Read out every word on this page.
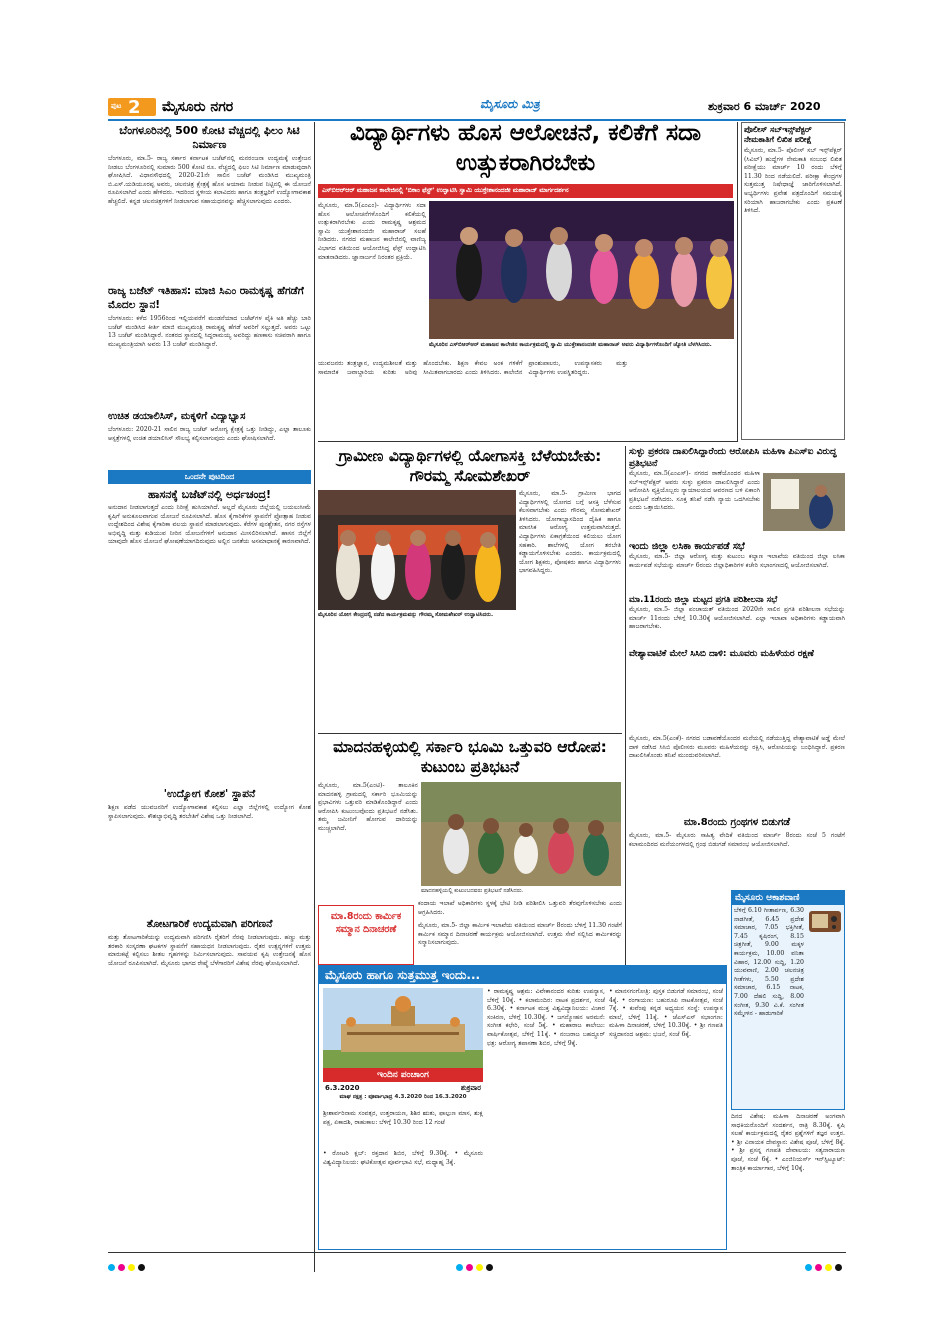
ಪುಟ 2 ಮೈಸೂರು ನಗರ	ಮೈಸೂರು ಮಿತ್ರ	ಶುಕ್ರವಾರ 6 ಮಾರ್ಚ್ 2020
ಬೆಂಗಳೂರಿನಲ್ಲಿ 500 ಕೋಟಿ ವೆಚ್ಚದಲ್ಲಿ ಫಿಲಂ ಸಿಟಿ ನಿರ್ಮಾಣ
ಬೆಂಗಳೂರು, ಮಾ.5- ರಾಜ್ಯ ಸರ್ಕಾರ ಕರ್ನಾಟಕ ಬಜೆಟ್‌ನಲ್ಲಿ ಮನರಂಜನಾ ಉದ್ಯಮಕ್ಕೆ ಉತ್ತೇಜನ ನೀಡಲು ಬೆಂಗಳೂರಿನಲ್ಲಿ ಸುಮಾರು 500 ಕೋಟಿ ರೂ. ವೆಚ್ಚದಲ್ಲಿ ಫಿಲಂ ಸಿಟಿ ನಿರ್ಮಾಣ ಮಾಡುವುದಾಗಿ ಘೋಷಿಸಿದೆ. ವಿಧಾನಸೌಧದಲ್ಲಿ 2020-21ನೇ ಸಾಲಿನ ಬಜೆಟ್ ಮಂಡಿಸಿದ ಮುಖ್ಯಮಂತ್ರಿ ಬಿ.ಎಸ್.ಯಡಿಯೂರಪ್ಪ ಅವರು, ಚಲನಚಿತ್ರ ಕ್ಷೇತ್ರಕ್ಕೆ ಹೊಸ ಆಯಾಮ ನೀಡುವ ನಿಟ್ಟಿನಲ್ಲಿ ಈ ಯೋಜನೆ ರೂಪಿಸಲಾಗಿದೆ ಎಂದು ಹೇಳಿದರು. ಇದರಿಂದ ಸ್ಥಳೀಯ ಕಲಾವಿದರು ಹಾಗೂ ತಂತ್ರಜ್ಞರಿಗೆ ಉದ್ಯೋಗಾವಕಾಶ ಹೆಚ್ಚಲಿದೆ. ಕನ್ನಡ ಚಲನಚಿತ್ರಗಳಿಗೆ ನೀಡಲಾಗುವ ಸಹಾಯಧನವನ್ನು ಹೆಚ್ಚಿಸಲಾಗುವುದು ಎಂದರು.
ರಾಜ್ಯ ಬಜೆಟ್ ಇತಿಹಾಸ: ಮಾಜಿ ಸಿಎಂ ರಾಮಕೃಷ್ಣ ಹೆಗಡೆಗೆ ಮೊದಲ ಸ್ಥಾನ!
ಬೆಂಗಳೂರು: ಕಳೆದ 1956ರಿಂದ ಇಲ್ಲಿಯವರೆಗೆ ಮಂಡನೆಯಾದ ಬಜೆಟ್‌ಗಳ ಪೈಕಿ ಅತಿ ಹೆಚ್ಚು ಬಾರಿ ಬಜೆಟ್ ಮಂಡಿಸಿದ ಕೀರ್ತಿ ಮಾಜಿ ಮುಖ್ಯಮಂತ್ರಿ ರಾಮಕೃಷ್ಣ ಹೆಗಡೆ ಅವರಿಗೆ ಸಲ್ಲುತ್ತದೆ. ಅವರು ಒಟ್ಟು 13 ಬಜೆಟ್ ಮಂಡಿಸಿದ್ದಾರೆ. ನಂತರದ ಸ್ಥಾನದಲ್ಲಿ ಸಿದ್ದರಾಮಯ್ಯ ಅವರಿದ್ದು ಹಣಕಾಸು ಸಚಿವರಾಗಿ ಹಾಗೂ ಮುಖ್ಯಮಂತ್ರಿಯಾಗಿ ಅವರು 13 ಬಜೆಟ್ ಮಂಡಿಸಿದ್ದಾರೆ.
ಉಚಿತ ಡಯಾಲಿಸಿಸ್, ಮಕ್ಕಳಿಗೆ ವಿದ್ಯಾಭ್ಯಾಸ
ಬೆಂಗಳೂರು: 2020-21 ಸಾಲಿನ ರಾಜ್ಯ ಬಜೆಟ್ ಆರೋಗ್ಯ ಕ್ಷೇತ್ರಕ್ಕೆ ಒತ್ತು ನೀಡಿದ್ದು, ಎಲ್ಲಾ ತಾಲೂಕು ಆಸ್ಪತ್ರೆಗಳಲ್ಲಿ ಉಚಿತ ಡಯಾಲಿಸಿಸ್ ಸೌಲಭ್ಯ ಕಲ್ಪಿಸಲಾಗುವುದು ಎಂದು ಘೋಷಿಸಲಾಗಿದೆ.
ಒಂದನೇ ಪುಟದಿಂದ
ಹಾಸನಕ್ಕೆ ಬಜೆಟ್‌ನಲ್ಲಿ ಅರ್ಧಚಂದ್ರ!
ಅನುದಾನ ನೀಡಲಾಗುತ್ತದೆ ಎಂದು ನಿರೀಕ್ಷೆ ಹುಸಿಯಾಗಿದೆ. ಅಲ್ಲದೆ ಮೈಸೂರು ಜಿಲ್ಲೆಯಲ್ಲಿ ಬಯಲುಸೀಮೆ ಕೃಷಿಗೆ ಅನುಕೂಲವಾಗುವ ಯೋಜನೆ ರೂಪಿಸಲಾಗಿದೆ. ಹೊಸ ಕೈಗಾರಿಕೆಗಳ ಸ್ಥಾಪನೆಗೆ ಪ್ರೋತ್ಸಾಹ ನೀಡುವ ಉದ್ದೇಶದಿಂದ ವಿಶೇಷ ಕೈಗಾರಿಕಾ ವಲಯ ಸ್ಥಾಪನೆ ಮಾಡಲಾಗುವುದು. ಕೆರೆಗಳ ಪುನಶ್ಚೇತನ, ನಗರ ರಸ್ತೆಗಳ ಅಭಿವೃದ್ಧಿ ಮತ್ತು ಕುಡಿಯುವ ನೀರಿನ ಯೋಜನೆಗಳಿಗೆ ಅನುದಾನ ಮೀಸಲಿರಿಸಲಾಗಿದೆ. ಹಾಸನ ಜಿಲ್ಲೆಗೆ ಯಾವುದೇ ಹೊಸ ಯೋಜನೆ ಘೋಷಣೆಯಾಗದಿರುವುದು ಅಲ್ಲಿನ ಜನತೆಯ ಅಸಮಾಧಾನಕ್ಕೆ ಕಾರಣವಾಗಿದೆ.
'ಉದ್ಯೋಗ ಕೋಶ' ಸ್ಥಾಪನೆ
ಶಿಕ್ಷಣ ಪಡೆದ ಯುವಜನರಿಗೆ ಉದ್ಯೋಗಾವಕಾಶ ಕಲ್ಪಿಸಲು ಎಲ್ಲಾ ಜಿಲ್ಲೆಗಳಲ್ಲಿ ಉದ್ಯೋಗ ಕೋಶ ಸ್ಥಾಪಿಸಲಾಗುವುದು. ಕೌಶಲ್ಯಾಭಿವೃದ್ಧಿ ತರಬೇತಿಗೆ ವಿಶೇಷ ಒತ್ತು ನೀಡಲಾಗಿದೆ.
ತೋಟಗಾರಿಕೆ ಉದ್ಯಮವಾಗಿ ಪರಿಗಣನೆ
ಮತ್ತು ತೋಟಗಾರಿಕೆಯನ್ನು ಉದ್ಯಮವಾಗಿ ಪರಿಗಣಿಸಿ ರೈತರಿಗೆ ನೆರವು ನೀಡಲಾಗುವುದು. ಹಣ್ಣು ಮತ್ತು ತರಕಾರಿ ಸಂಸ್ಕರಣಾ ಘಟಕಗಳ ಸ್ಥಾಪನೆಗೆ ಸಹಾಯಧನ ನೀಡಲಾಗುವುದು. ರೈತರ ಉತ್ಪನ್ನಗಳಿಗೆ ಉತ್ತಮ ಮಾರುಕಟ್ಟೆ ಕಲ್ಪಿಸಲು ಶೀತಲ ಗೃಹಗಳನ್ನು ನಿರ್ಮಿಸಲಾಗುವುದು. ಸಾವಯವ ಕೃಷಿ ಉತ್ತೇಜನಕ್ಕೆ ಹೊಸ ಯೋಜನೆ ರೂಪಿಸಲಾಗಿದೆ. ಮೈಸೂರು ಭಾಗದ ರೇಷ್ಮೆ ಬೆಳೆಗಾರರಿಗೆ ವಿಶೇಷ ನೆರವು ಘೋಷಿಸಲಾಗಿದೆ.
ವಿದ್ಯಾರ್ಥಿಗಳು ಹೊಸ ಆಲೋಚನೆ, ಕಲಿಕೆಗೆ ಸದಾ ಉತ್ಸುಕರಾಗಿರಬೇಕು
ಎಸ್‌ಬಿಆರ್‌ಆರ್ ಮಹಾಜನ ಕಾಲೇಜಿನಲ್ಲಿ ‘ಬಿಕಾಂ ಫೆಸ್ಟ್’ ಉದ್ಘಾಟಿಸಿ ಸ್ವಾಮಿ ಯುಕ್ತೇಶಾನಂದಜೀ ಮಹಾರಾಜ್ ಮಾರ್ಗದರ್ಶನ
ಮೈಸೂರು, ಮಾ.5(ಎಂಎಂ)- ವಿದ್ಯಾರ್ಥಿಗಳು ಸದಾ ಹೊಸ ಆಲೋಚನೆಗಳೊಂದಿಗೆ ಕಲಿಕೆಯಲ್ಲಿ ಉತ್ಸುಕರಾಗಿರಬೇಕು ಎಂದು ರಾಮಕೃಷ್ಣ ಆಶ್ರಮದ ಸ್ವಾಮಿ ಯುಕ್ತೇಶಾನಂದಜೀ ಮಹಾರಾಜ್ ಸಲಹೆ ನೀಡಿದರು. ನಗರದ ಮಹಾಜನ ಕಾಲೇಜಿನಲ್ಲಿ ವಾಣಿಜ್ಯ ವಿಭಾಗದ ವತಿಯಿಂದ ಆಯೋಜಿಸಿದ್ದ ಫೆಸ್ಟ್ ಉದ್ಘಾಟಿಸಿ ಮಾತನಾಡಿದರು. ಜ್ಞಾನಾರ್ಜನೆ ನಿರಂತರ ಪ್ರಕ್ರಿಯೆ.
ಮೈಸೂರಿನ ಎಸ್‌ಬಿಆರ್‌ಆರ್ ಮಹಾಜನ ಕಾಲೇಜಿನ ಕಾರ್ಯಕ್ರಮದಲ್ಲಿ ಸ್ವಾಮಿ ಯುಕ್ತೇಶಾನಂದಜೀ ಮಹಾರಾಜ್ ಅವರು ವಿದ್ಯಾರ್ಥಿಗಳೊಂದಿಗೆ ಜ್ಯೋತಿ ಬೆಳಗಿಸಿದರು.
ಯುವಜನರು ತಂತ್ರಜ್ಞಾನ, ಉದ್ಯಮಶೀಲತೆ ಮತ್ತು ಸಾಮಾಜಿಕ ಜವಾಬ್ದಾರಿಯ ಕುರಿತು ಅರಿವು ಹೊಂದಬೇಕು. ಶಿಕ್ಷಣ ಕೇವಲ ಅಂಕ ಗಳಿಕೆಗೆ ಸೀಮಿತವಾಗಬಾರದು ಎಂದು ತಿಳಿಸಿದರು. ಕಾಲೇಜಿನ ಪ್ರಾಂಶುಪಾಲರು, ಉಪನ್ಯಾಸಕರು ಮತ್ತು ವಿದ್ಯಾರ್ಥಿಗಳು ಉಪಸ್ಥಿತರಿದ್ದರು.
ಪೊಲೀಸ್ ಸಬ್‌ಇನ್ಸ್‌ಪೆಕ್ಟರ್ ನೇಮಕಾತಿಗೆ ಲಿಖಿತ ಪರೀಕ್ಷೆ
ಮೈಸೂರು, ಮಾ.5- ಪೊಲೀಸ್ ಸಬ್ ಇನ್ಸ್‌ಪೆಕ್ಟರ್ (ಸಿವಿಲ್) ಹುದ್ದೆಗಳ ನೇಮಕಾತಿ ಸಂಬಂಧ ಲಿಖಿತ ಪರೀಕ್ಷೆಯು ಮಾರ್ಚ್ 10 ರಂದು ಬೆಳಿಗ್ಗೆ 11.30 ರಿಂದ ನಡೆಯಲಿದೆ. ಪರೀಕ್ಷಾ ಕೇಂದ್ರಗಳ ಸುತ್ತಮುತ್ತ ನಿಷೇಧಾಜ್ಞೆ ಜಾರಿಗೊಳಿಸಲಾಗಿದೆ. ಅಭ್ಯರ್ಥಿಗಳು ಪ್ರವೇಶ ಪತ್ರದೊಂದಿಗೆ ಸಮಯಕ್ಕೆ ಸರಿಯಾಗಿ ಹಾಜರಾಗಬೇಕು ಎಂದು ಪ್ರಕಟಣೆ ತಿಳಿಸಿದೆ.
ಗ್ರಾಮೀಣ ವಿದ್ಯಾರ್ಥಿಗಳಲ್ಲಿ ಯೋಗಾಸಕ್ತಿ ಬೆಳೆಯಬೇಕು: ಗೌರಮ್ಮ ಸೋಮಶೇಖರ್
ಮೈಸೂರಿನ ಯೋಗ ಕೇಂದ್ರದಲ್ಲಿ ನಡೆದ ಕಾರ್ಯಕ್ರಮವನ್ನು ಗೌರಮ್ಮ ಸೋಮಶೇಖರ್ ಉದ್ಘಾಟಿಸಿದರು.
ಮೈಸೂರು, ಮಾ.5- ಗ್ರಾಮೀಣ ಭಾಗದ ವಿದ್ಯಾರ್ಥಿಗಳಲ್ಲಿ ಯೋಗದ ಬಗ್ಗೆ ಆಸಕ್ತಿ ಬೆಳೆಸುವ ಕೆಲಸವಾಗಬೇಕು ಎಂದು ಗೌರಮ್ಮ ಸೋಮಶೇಖರ್ ತಿಳಿಸಿದರು. ಯೋಗಾಭ್ಯಾಸದಿಂದ ದೈಹಿಕ ಹಾಗೂ ಮಾನಸಿಕ ಆರೋಗ್ಯ ಉತ್ತಮವಾಗಿರುತ್ತದೆ. ವಿದ್ಯಾರ್ಥಿಗಳು ಏಕಾಗ್ರತೆಯಿಂದ ಕಲಿಯಲು ಯೋಗ ಸಹಕಾರಿ. ಶಾಲೆಗಳಲ್ಲಿ ಯೋಗ ತರಬೇತಿ ಕಡ್ಡಾಯಗೊಳಿಸಬೇಕು ಎಂದರು. ಕಾರ್ಯಕ್ರಮದಲ್ಲಿ ಯೋಗ ಶಿಕ್ಷಕರು, ಪೋಷಕರು ಹಾಗೂ ವಿದ್ಯಾರ್ಥಿಗಳು ಭಾಗವಹಿಸಿದ್ದರು.
ಸುಳ್ಳು ಪ್ರಕರಣ ದಾಖಲಿಸಿದ್ದಾರೆಂದು ಆರೋಪಿಸಿ ಮಹಿಳಾ ಪಿಎಸ್‌ಐ ವಿರುದ್ಧ ಪ್ರತಿಭಟನೆ
ಮೈಸೂರು, ಮಾ.5(ಎಂಎಸ್)- ನಗರದ ಠಾಣೆಯೊಂದರ ಮಹಿಳಾ ಸಬ್‌ಇನ್ಸ್‌ಪೆಕ್ಟರ್ ಅವರು ಸುಳ್ಳು ಪ್ರಕರಣ ದಾಖಲಿಸಿದ್ದಾರೆ ಎಂದು ಆರೋಪಿಸಿ ವ್ಯಕ್ತಿಯೊಬ್ಬರು ನ್ಯಾಯಾಲಯದ ಆವರಣದ ಬಳಿ ಏಕಾಂಗಿ ಪ್ರತಿಭಟನೆ ನಡೆಸಿದರು. ಸೂಕ್ತ ತನಿಖೆ ನಡೆಸಿ ನ್ಯಾಯ ಒದಗಿಸಬೇಕು ಎಂದು ಒತ್ತಾಯಿಸಿದರು.
ಇಂದು ಜಿಲ್ಲಾ ಲಸಿಕಾ ಕಾರ್ಯಪಡೆ ಸಭೆ
ಮೈಸೂರು, ಮಾ.5- ಜಿಲ್ಲಾ ಆರೋಗ್ಯ ಮತ್ತು ಕುಟುಂಬ ಕಲ್ಯಾಣ ಇಲಾಖೆಯ ವತಿಯಿಂದ ಜಿಲ್ಲಾ ಲಸಿಕಾ ಕಾರ್ಯಪಡೆ ಸಭೆಯನ್ನು ಮಾರ್ಚ್ 6ರಂದು ಜಿಲ್ಲಾಧಿಕಾರಿಗಳ ಕಚೇರಿ ಸಭಾಂಗಣದಲ್ಲಿ ಆಯೋಜಿಸಲಾಗಿದೆ.
ಮಾ.11ರಂದು ಜಿಲ್ಲಾ ಮಟ್ಟದ ಪ್ರಗತಿ ಪರಿಶೀಲನಾ ಸಭೆ
ಮೈಸೂರು, ಮಾ.5- ಜಿಲ್ಲಾ ಪಂಚಾಯತ್ ವತಿಯಿಂದ 2020ನೇ ಸಾಲಿನ ಪ್ರಗತಿ ಪರಿಶೀಲನಾ ಸಭೆಯನ್ನು ಮಾರ್ಚ್ 11ರಂದು ಬೆಳಿಗ್ಗೆ 10.30ಕ್ಕೆ ಆಯೋಜಿಸಲಾಗಿದೆ. ಎಲ್ಲಾ ಇಲಾಖಾ ಅಧಿಕಾರಿಗಳು ಕಡ್ಡಾಯವಾಗಿ ಹಾಜರಾಗಬೇಕು.
ವೇಶ್ಯಾವಾಟಿಕೆ ಮೇಲೆ ಸಿಸಿಬಿ ದಾಳಿ: ಮೂವರು ಮಹಿಳೆಯರ ರಕ್ಷಣೆ
ಮೈಸೂರು, ಮಾ.5(ಎಂಕೆ)- ನಗರದ ಬಡಾವಣೆಯೊಂದರ ಮನೆಯಲ್ಲಿ ನಡೆಯುತ್ತಿದ್ದ ವೇಶ್ಯಾವಾಟಿಕೆ ಅಡ್ಡೆ ಮೇಲೆ ದಾಳಿ ನಡೆಸಿದ ಸಿಸಿಬಿ ಪೊಲೀಸರು ಮೂವರು ಮಹಿಳೆಯರನ್ನು ರಕ್ಷಿಸಿ, ಆರೋಪಿಯನ್ನು ಬಂಧಿಸಿದ್ದಾರೆ. ಪ್ರಕರಣ ದಾಖಲಿಸಿಕೊಂಡು ತನಿಖೆ ಮುಂದುವರಿಸಲಾಗಿದೆ.
ಮಾ.8ರಂದು ಗ್ರಂಥಗಳ ಬಿಡುಗಡೆ
ಮೈಸೂರು, ಮಾ.5- ಮೈಸೂರು ಸಾಹಿತ್ಯ ವೇದಿಕೆ ವತಿಯಿಂದ ಮಾರ್ಚ್ 8ರಂದು ಸಂಜೆ 5 ಗಂಟೆಗೆ ಕಲಾಮಂದಿರದ ಮನೆಯಂಗಳದಲ್ಲಿ ಗ್ರಂಥ ಬಿಡುಗಡೆ ಸಮಾರಂಭ ಆಯೋಜಿಸಲಾಗಿದೆ.
ಮಾದನಹಳ್ಳಿಯಲ್ಲಿ ಸರ್ಕಾರಿ ಭೂಮಿ ಒತ್ತುವರಿ ಆರೋಪ: ಕುಟುಂಬ ಪ್ರತಿಭಟನೆ
ಮೈಸೂರು, ಮಾ.5(ಎಂಟಿ)- ತಾಲೂಕಿನ ಮಾದನಹಳ್ಳಿ ಗ್ರಾಮದಲ್ಲಿ ಸರ್ಕಾರಿ ಭೂಮಿಯನ್ನು ಪ್ರಭಾವಿಗಳು ಒತ್ತುವರಿ ಮಾಡಿಕೊಂಡಿದ್ದಾರೆ ಎಂದು ಆರೋಪಿಸಿ ಕುಟುಂಬವೊಂದು ಪ್ರತಿಭಟನೆ ನಡೆಸಿತು. ತಮ್ಮ ಜಮೀನಿಗೆ ಹೋಗುವ ದಾರಿಯನ್ನು ಮುಚ್ಚಲಾಗಿದೆ.
ಮಾದನಹಳ್ಳಿಯಲ್ಲಿ ಕುಟುಂಬದವರು ಪ್ರತಿಭಟನೆ ನಡೆಸಿದರು.
ಮಾ.8ರಂದು ಕಾರ್ಮಿಕ ಸಮ್ಮಾನ ದಿನಾಚರಣೆ
ಕಂದಾಯ ಇಲಾಖೆ ಅಧಿಕಾರಿಗಳು ಸ್ಥಳಕ್ಕೆ ಭೇಟಿ ನೀಡಿ ಪರಿಶೀಲಿಸಿ ಒತ್ತುವರಿ ತೆರವುಗೊಳಿಸಬೇಕು ಎಂದು ಆಗ್ರಹಿಸಿದರು.
ಮೈಸೂರು, ಮಾ.5- ಜಿಲ್ಲಾ ಕಾರ್ಮಿಕ ಇಲಾಖೆಯ ವತಿಯಿಂದ ಮಾರ್ಚ್ 8ರಂದು ಬೆಳಿಗ್ಗೆ 11.30 ಗಂಟೆಗೆ ಕಾರ್ಮಿಕ ಸಮ್ಮಾನ ದಿನಾಚರಣೆ ಕಾರ್ಯಕ್ರಮ ಆಯೋಜಿಸಲಾಗಿದೆ. ಉತ್ತಮ ಸೇವೆ ಸಲ್ಲಿಸಿದ ಕಾರ್ಮಿಕರನ್ನು ಸನ್ಮಾನಿಸಲಾಗುವುದು.
ಮೈಸೂರು ಹಾಗೂ ಸುತ್ತಮುತ್ತ ಇಂದು...
ಇಂದಿನ ಪಂಚಾಂಗ
6.3.2020	ಶುಕ್ರವಾರ
ಮಾಘ ನಕ್ಷತ್ರ : ಪೂರ್ವಾಭಾದ್ರ 4.3.2020 ರಿಂದ 16.3.2020
ಶ್ರೀಶಾರ್ವರಿನಾಮ ಸಂವತ್ಸರ, ಉತ್ತರಾಯಣ, ಶಿಶಿರ ಋತು, ಫಾಲ್ಗುಣ ಮಾಸ, ಶುಕ್ಲ ಪಕ್ಷ, ಏಕಾದಶಿ, ರಾಹುಕಾಲ: ಬೆಳಿಗ್ಗೆ 10.30 ರಿಂದ 12 ಗಂಟೆ
• ರೋಟರಿ ಕ್ಲಬ್: ರಕ್ತದಾನ ಶಿಬಿರ, ಬೆಳಿಗ್ಗೆ 9.30ಕ್ಕೆ. • ಮೈಸೂರು ವಿಶ್ವವಿದ್ಯಾನಿಲಯ: ಘಟಿಕೋತ್ಸವ ಪೂರ್ವಭಾವಿ ಸಭೆ, ಮಧ್ಯಾಹ್ನ 3ಕ್ಕೆ.
• ರಾಮಕೃಷ್ಣ ಆಶ್ರಮ: ವಿವೇಕಾನಂದರ ಕುರಿತು ಉಪನ್ಯಾಸ, ಬೆಳಿಗ್ಗೆ 10ಕ್ಕೆ. • ಕಲಾಮಂದಿರ: ನಾಟಕ ಪ್ರದರ್ಶನ, ಸಂಜೆ 6.30ಕ್ಕೆ. • ಕರ್ನಾಟಕ ಮುಕ್ತ ವಿಶ್ವವಿದ್ಯಾನಿಲಯ: ವಿಚಾರ ಸಂಕಿರಣ, ಬೆಳಿಗ್ಗೆ 10.30ಕ್ಕೆ. • ಜಗನ್ಮೋಹನ ಅರಮನೆ: ಸಂಗೀತ ಕಛೇರಿ, ಸಂಜೆ 5ಕ್ಕೆ. • ಮಹಾರಾಜ ಕಾಲೇಜು: ವಾರ್ಷಿಕೋತ್ಸವ, ಬೆಳಿಗ್ಗೆ 11ಕ್ಕೆ. • ನಂಜರಾಜ ಬಹದ್ದೂರ್ ಛತ್ರ: ಆರೋಗ್ಯ ತಪಾಸಣಾ ಶಿಬಿರ, ಬೆಳಿಗ್ಗೆ 9ಕ್ಕೆ.
• ಮಾನಸಗಂಗೋತ್ರಿ: ಪುಸ್ತಕ ಬಿಡುಗಡೆ ಸಮಾರಂಭ, ಸಂಜೆ 4ಕ್ಕೆ. • ರಂಗಾಯಣ: ಬಹುರೂಪಿ ನಾಟಕೋತ್ಸವ, ಸಂಜೆ 7ಕ್ಕೆ. • ಕುವೆಂಪು ಕನ್ನಡ ಅಧ್ಯಯನ ಸಂಸ್ಥೆ: ಉಪನ್ಯಾಸ ಮಾಲೆ, ಬೆಳಿಗ್ಗೆ 11ಕ್ಕೆ. • ಜೆಎಸ್‌ಎಸ್ ಸಭಾಂಗಣ: ಮಹಿಳಾ ದಿನಾಚರಣೆ, ಬೆಳಿಗ್ಗೆ 10.30ಕ್ಕೆ. • ಶ್ರೀ ಗಣಪತಿ ಸಚ್ಚಿದಾನಂದ ಆಶ್ರಮ: ಭಜನೆ, ಸಂಜೆ 6ಕ್ಕೆ.
ಮೈಸೂರು ಆಕಾಶವಾಣಿ
ಬೆಳಿಗ್ಗೆ 6.10 ಗೀತಾರ್ಪಣ, 6.30 ನಾಡಗೀತೆ, 6.45 ಪ್ರದೇಶ ಸಮಾಚಾರ, 7.05 ಭಕ್ತಿಗೀತೆ, 7.45 ಕೃಷಿರಂಗ, 8.15 ಚಿತ್ರಗೀತೆ, 9.00 ಮಕ್ಕಳ ಕಾರ್ಯಕ್ರಮ, 10.00 ವನಿತಾ ವಿಹಾರ, 12.00 ಸುದ್ದಿ, 1.20 ಯುವವಾಣಿ, 2.00 ಚಲನಚಿತ್ರ ಗೀತೆಗಳು, 5.50 ಪ್ರದೇಶ ಸಮಾಚಾರ, 6.15 ನಾಟಕ, 7.00 ದೆಹಲಿ ಸುದ್ದಿ, 8.00 ಸಂಗೀತ, 9.30 ವಿ.ಕೆ. ಸಂಗೀತ ಸಮ್ಮೇಳನ - ಹಾಡುಗಾರಿಕೆ
ದಿನದ ವಿಶೇಷ: ಮಹಿಳಾ ದಿನಾಚರಣೆ ಅಂಗವಾಗಿ ಸಾಧಕಿಯರೊಂದಿಗೆ ಸಂದರ್ಶನ, ರಾತ್ರಿ 8.30ಕ್ಕೆ. ಕೃಷಿ ಸಲಹೆ ಕಾರ್ಯಕ್ರಮದಲ್ಲಿ ರೈತರ ಪ್ರಶ್ನೆಗಳಿಗೆ ತಜ್ಞರ ಉತ್ತರ. • ಶ್ರೀ ವಿನಾಯಕ ದೇವಸ್ಥಾನ: ವಿಶೇಷ ಪೂಜೆ, ಬೆಳಿಗ್ಗೆ 8ಕ್ಕೆ. • ಶ್ರೀ ಪ್ರಸನ್ನ ಗಣಪತಿ ದೇವಾಲಯ: ಸತ್ಯನಾರಾಯಣ ಪೂಜೆ, ಸಂಜೆ 6ಕ್ಕೆ. • ಎಂಜಿನಿಯರ್ಸ್ ಇನ್‌ಸ್ಟಿಟ್ಯೂಟ್: ತಾಂತ್ರಿಕ ಕಾರ್ಯಾಗಾರ, ಬೆಳಿಗ್ಗೆ 10ಕ್ಕೆ.
